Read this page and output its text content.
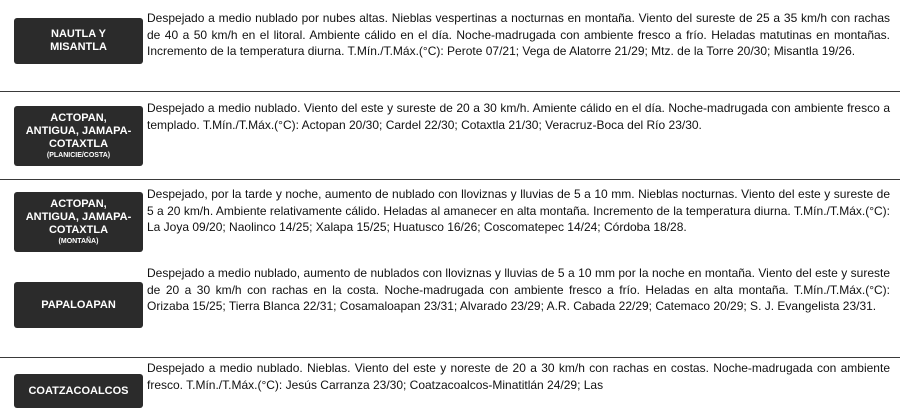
NAUTLA Y
MISANTLA

Despejado a medio nublado por nubes altas. Nieblas vespertinas a nocturnas en montaña. Viento del sureste de 25 a 35 km/h con rachas de 40 a 50 km/h en el litoral. Ambiente cálido en el día. Noche-madrugada con ambiente fresco a frío. Heladas matutinas en montañas. Incremento de la temperatura diurna. T.Mín./T.Máx.(°C): Perote 07/21; Vega de Alatorre 21/29; Mtz. de la Torre 20/30; Misantla 19/26.

ACTOPAN,
ANTIGUA, JAMAPA-
COTAXTLA
(PLANICIE/COSTA)

Despejado a medio nublado. Viento del este y sureste de 20 a 30 km/h. Amiente cálido en el día. Noche-madrugada con ambiente fresco a templado. T.Mín./T.Máx.(°C): Actopan 20/30; Cardel 22/30; Cotaxtla 21/30; Veracruz-Boca del Río 23/30.

ACTOPAN,
ANTIGUA, JAMAPA-
COTAXTLA
(MONTAÑA)

Despejado, por la tarde y noche, aumento de nublado con lloviznas y lluvias de 5 a 10 mm. Nieblas nocturnas. Viento del este y sureste de 5 a 20 km/h. Ambiente relativamente cálido. Heladas al amanecer en alta montaña. Incremento de la temperatura diurna. T.Mín./T.Máx.(°C): La Joya 09/20; Naolinco 14/25; Xalapa 15/25; Huatusco 16/26; Coscomatepec 14/24; Córdoba 18/28.

PAPALOAPAN

Despejado a medio nublado, aumento de nublados con lloviznas y lluvias de 5 a 10 mm por la noche en montaña. Viento del este y sureste de 20 a 30 km/h con rachas en la costa. Noche-madrugada con ambiente fresco a frío. Heladas en alta montaña. T.Mín./T.Máx.(°C): Orizaba 15/25; Tierra Blanca 22/31; Cosamaloapan 23/31; Alvarado 23/29; A.R. Cabada 22/29; Catemaco 20/29; S. J. Evangelista 23/31.

COATZACOALCOS

Despejado a medio nublado. Nieblas. Viento del este y noreste de 20 a 30 km/h con rachas en costas. Noche-madrugada con ambiente fresco. T.Mín./T.Máx.(°C): Jesús Carranza 23/30; Coatzacoalcos-Minatitlán 24/29; Las
